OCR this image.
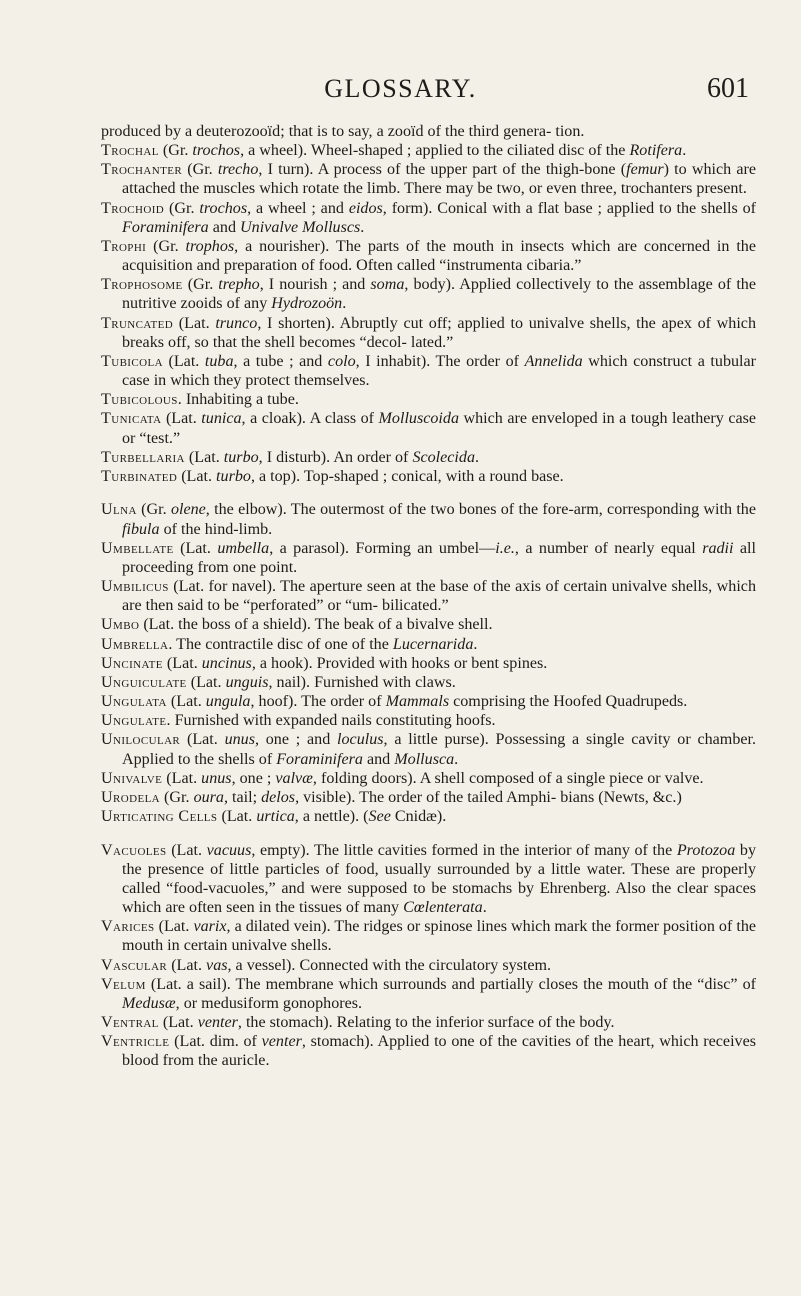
GLOSSARY.	601
produced by a deuterozooïd; that is to say, a zooïd of the third genera- tion.
Trochal (Gr. trochos, a wheel). Wheel-shaped ; applied to the ciliated disc of the Rotifera.
Trochanter (Gr. trecho, I turn). A process of the upper part of the thigh-bone (femur) to which are attached the muscles which rotate the limb. There may be two, or even three, trochanters present.
Trochoid (Gr. trochos, a wheel ; and eidos, form). Conical with a flat base ; applied to the shells of Foraminifera and Univalve Molluscs.
Trophi (Gr. trophos, a nourisher). The parts of the mouth in insects which are concerned in the acquisition and preparation of food. Often called “instrumenta cibaria.”
Trophosome (Gr. trepho, I nourish ; and soma, body). Applied collectively to the assemblage of the nutritive zooids of any Hydrozoön.
Truncated (Lat. trunco, I shorten). Abruptly cut off; applied to univalve shells, the apex of which breaks off, so that the shell becomes “decol- lated.”
Tubicola (Lat. tuba, a tube ; and colo, I inhabit). The order of Annelida which construct a tubular case in which they protect themselves.
Tubicolous. Inhabiting a tube.
Tunicata (Lat. tunica, a cloak). A class of Molluscoida which are enveloped in a tough leathery case or “test.”
Turbellaria (Lat. turbo, I disturb). An order of Scolecida.
Turbinated (Lat. turbo, a top). Top-shaped ; conical, with a round base.
Ulna (Gr. olene, the elbow). The outermost of the two bones of the fore-arm, corresponding with the fibula of the hind-limb.
Umbellate (Lat. umbella, a parasol). Forming an umbel—i.e., a number of nearly equal radii all proceeding from one point.
Umbilicus (Lat. for navel). The aperture seen at the base of the axis of certain univalve shells, which are then said to be “perforated” or “um- bilicated.”
Umbo (Lat. the boss of a shield). The beak of a bivalve shell.
Umbrella. The contractile disc of one of the Lucernarida.
Uncinate (Lat. uncinus, a hook). Provided with hooks or bent spines.
Unguiculate (Lat. unguis, nail). Furnished with claws.
Ungulata (Lat. ungula, hoof). The order of Mammals comprising the Hoofed Quadrupeds.
Ungulate. Furnished with expanded nails constituting hoofs.
Unilocular (Lat. unus, one ; and loculus, a little purse). Possessing a single cavity or chamber. Applied to the shells of Foraminifera and Mollusca.
Univalve (Lat. unus, one ; valvæ, folding doors). A shell composed of a single piece or valve.
Urodela (Gr. oura, tail; delos, visible). The order of the tailed Amphi- bians (Newts, &c.)
Urticating Cells (Lat. urtica, a nettle). (See Cnidæ).
Vacuoles (Lat. vacuus, empty). The little cavities formed in the interior of many of the Protozoa by the presence of little particles of food, usually surrounded by a little water. These are properly called “food-vacuoles,” and were supposed to be stomachs by Ehrenberg. Also the clear spaces which are often seen in the tissues of many Cœlenterata.
Varices (Lat. varix, a dilated vein). The ridges or spinose lines which mark the former position of the mouth in certain univalve shells.
Vascular (Lat. vas, a vessel). Connected with the circulatory system.
Velum (Lat. a sail). The membrane which surrounds and partially closes the mouth of the “disc” of Medusæ, or medusiform gonophores.
Ventral (Lat. venter, the stomach). Relating to the inferior surface of the body.
Ventricle (Lat. dim. of venter, stomach). Applied to one of the cavities of the heart, which receives blood from the auricle.
